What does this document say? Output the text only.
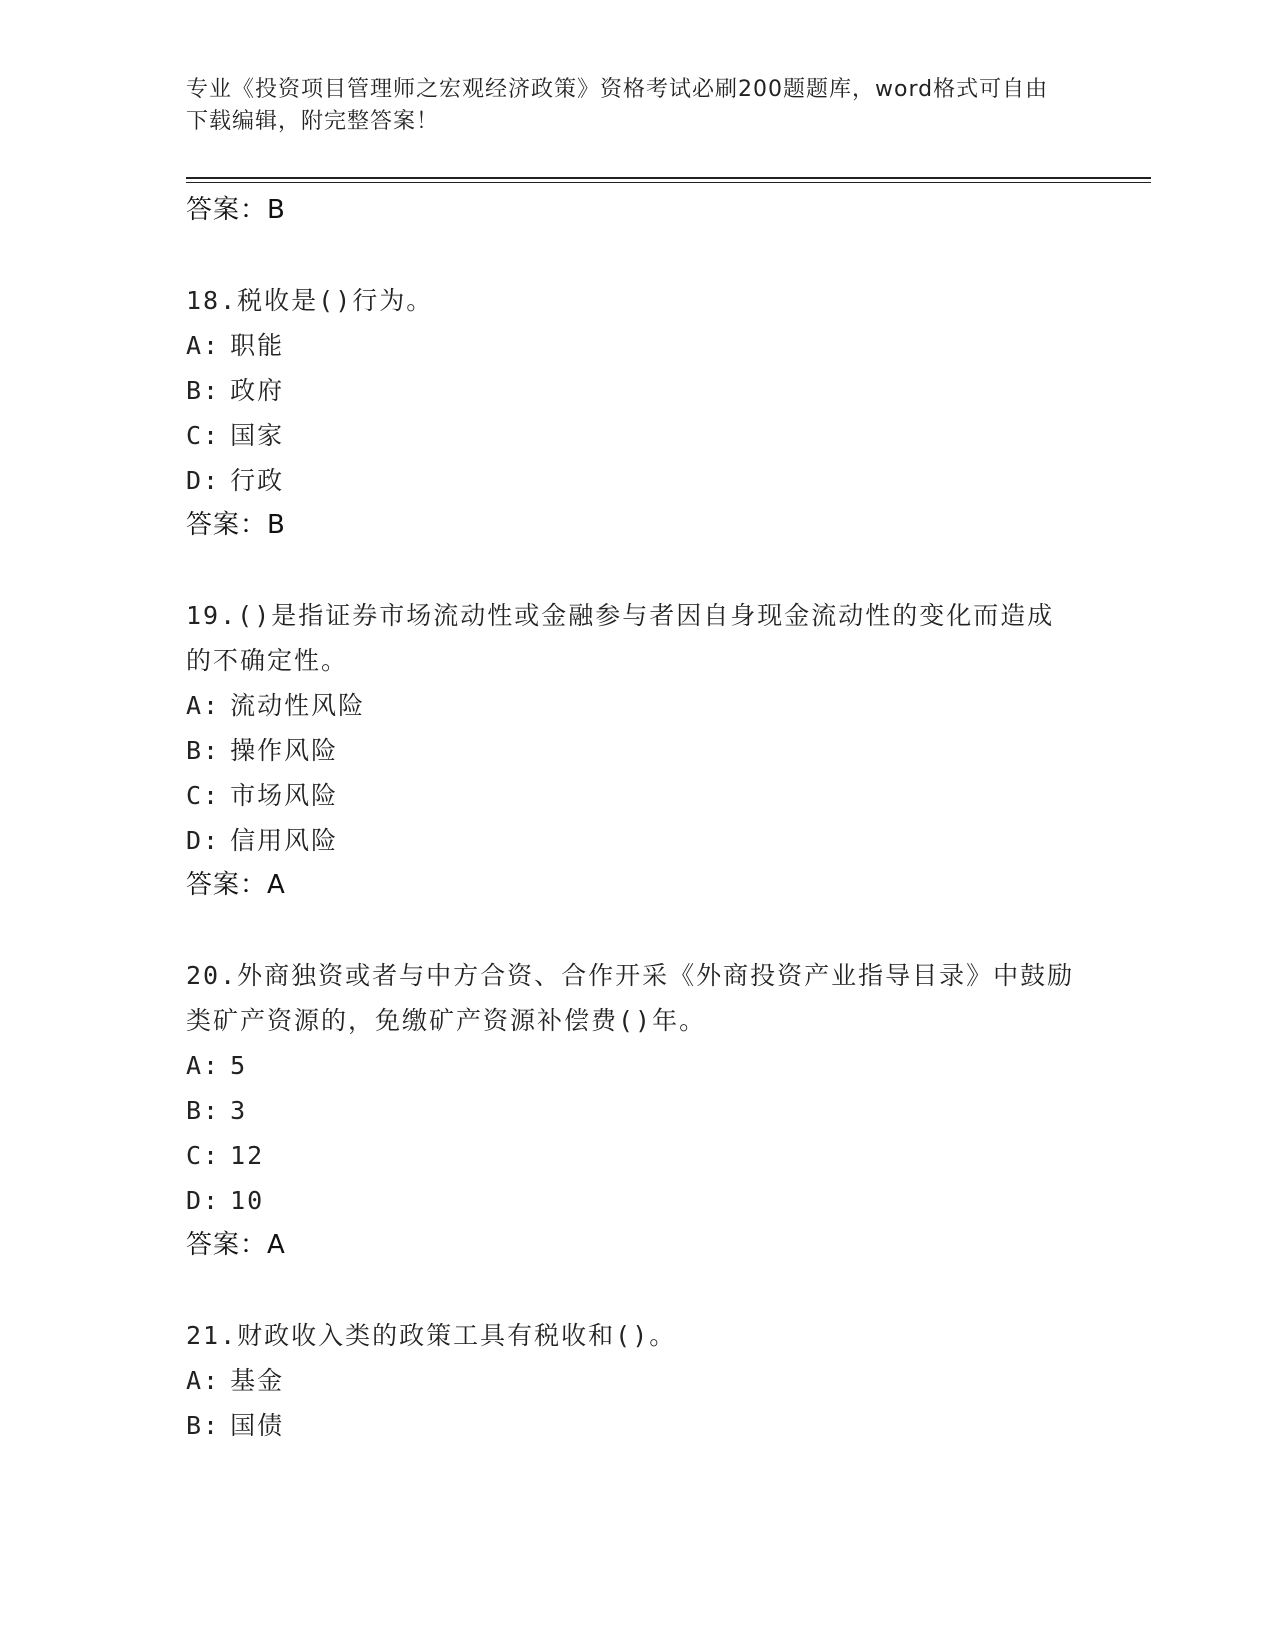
专业《投资项目管理师之宏观经济政策》资格考试必刷200题题库，word格式可自由下载编辑，附完整答案！
答案：B
18.税收是()行为。
A: 职能
B: 政府
C: 国家
D: 行政
答案：B
19.()是指证券市场流动性或金融参与者因自身现金流动性的变化而造成的不确定性。
A: 流动性风险
B: 操作风险
C: 市场风险
D: 信用风险
答案：A
20.外商独资或者与中方合资、合作开采《外商投资产业指导目录》中鼓励类矿产资源的，免缴矿产资源补偿费()年。
A: 5
B: 3
C: 12
D: 10
答案：A
21.财政收入类的政策工具有税收和()。
A: 基金
B: 国债
